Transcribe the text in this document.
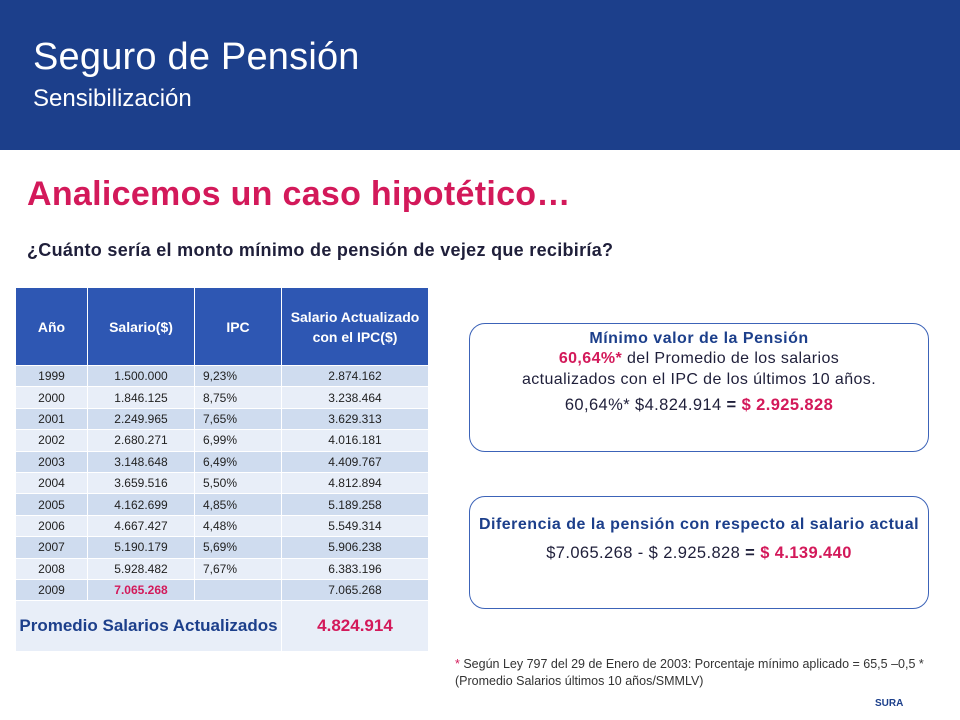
Seguro de Pensión
Sensibilización
Analicemos un caso hipotético…
¿Cuánto sería el monto mínimo de pensión de vejez que recibiría?
Año	Salario($)	IPC	Salario Actualizado con el IPC($)
1999	1.500.000	9,23%	2.874.162
2000	1.846.125	8,75%	3.238.464
2001	2.249.965	7,65%	3.629.313
2002	2.680.271	6,99%	4.016.181
2003	3.148.648	6,49%	4.409.767
2004	3.659.516	5,50%	4.812.894
2005	4.162.699	4,85%	5.189.258
2006	4.667.427	4,48%	5.549.314
2007	5.190.179	5,69%	5.906.238
2008	5.928.482	7,67%	6.383.196
2009	7.065.268		7.065.268
Promedio Salarios Actualizados			4.824.914
Mínimo valor de la Pensión
60,64%* del Promedio de los salarios
actualizados con el IPC de los últimos 10 años.
60,64%* $4.824.914 = $ 2.925.828
Diferencia de la pensión con respecto al salario actual
$7.065.268 - $ 2.925.828 = $ 4.139.440
* Según Ley 797 del 29 de Enero de 2003: Porcentaje mínimo aplicado = 65,5 –0,5 *(Promedio Salarios últimos 10 años/SMMLV)
SURA
